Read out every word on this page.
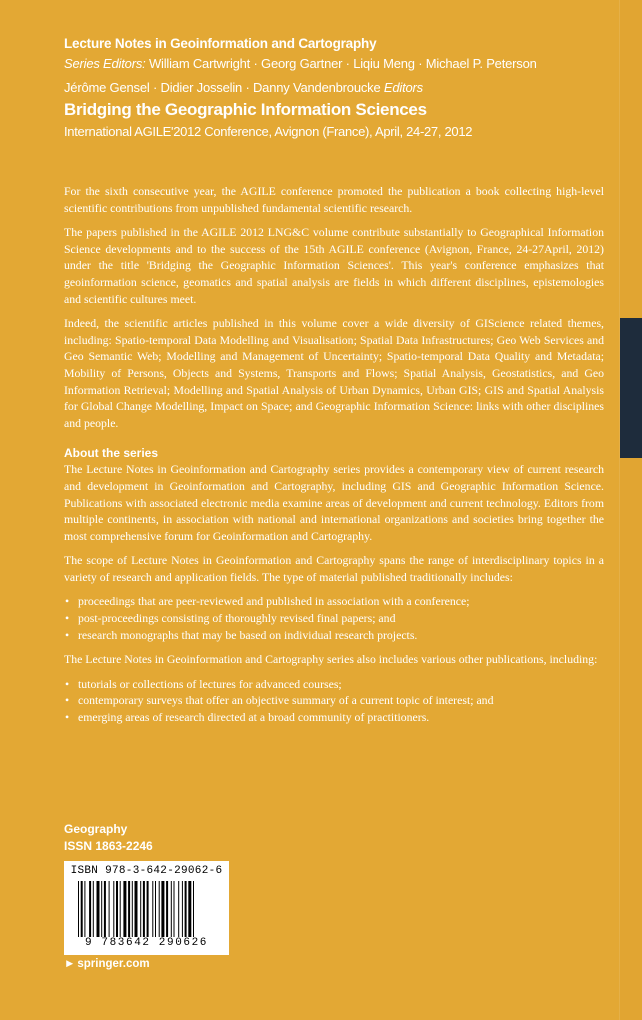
Lecture Notes in Geoinformation and Cartography
Series Editors: William Cartwright · Georg Gartner · Liqiu Meng · Michael P. Peterson
Jérôme Gensel · Didier Josselin · Danny Vandenbroucke Editors
Bridging the Geographic Information Sciences
International AGILE'2012 Conference, Avignon (France), April, 24-27, 2012

For the sixth consecutive year, the AGILE conference promoted the publication a book collecting high-level scientific contributions from unpublished fundamental scientific research.

The papers published in the AGILE 2012 LNG&C volume contribute substantially to Geographical Information Science developments and to the success of the 15th AGILE conference (Avignon, France, 24-27April, 2012) under the title 'Bridging the Geographic Information Sciences'. This year's conference emphasizes that geoinformation science, geomatics and spatial analysis are fields in which different disciplines, epistemologies and scientific cultures meet.

Indeed, the scientific articles published in this volume cover a wide diversity of GIScience related themes, including: Spatio-temporal Data Modelling and Visualisation; Spatial Data Infrastructures; Geo Web Services and Geo Semantic Web; Modelling and Management of Uncertainty; Spatio-temporal Data Quality and Metadata; Mobility of Persons, Objects and Systems, Transports and Flows; Spatial Analysis, Geostatistics, and Geo Information Retrieval; Modelling and Spatial Analysis of Urban Dynamics, Urban GIS; GIS and Spatial Analysis for Global Change Modelling, Impact on Space; and Geographic Information Science: links with other disciplines and people.

About the series

The Lecture Notes in Geoinformation and Cartography series provides a contemporary view of current research and development in Geoinformation and Cartography, including GIS and Geographic Information Science. Publications with associated electronic media examine areas of development and current technology. Editors from multiple continents, in association with national and international organizations and societies bring together the most comprehensive forum for Geoinformation and Cartography.

The scope of Lecture Notes in Geoinformation and Cartography spans the range of interdisciplinary topics in a variety of research and application fields. The type of material published traditionally includes:

• proceedings that are peer-reviewed and published in association with a conference;
• post-proceedings consisting of thoroughly revised final papers; and
• research monographs that may be based on individual research projects.

The Lecture Notes in Geoinformation and Cartography series also includes various other publications, including:

• tutorials or collections of lectures for advanced courses;
• contemporary surveys that offer an objective summary of a current topic of interest; and
• emerging areas of research directed at a broad community of practitioners.
Geography
ISSN 1863-2246
ISBN 978-3-642-29062-6
9 783642 290626
► springer.com
